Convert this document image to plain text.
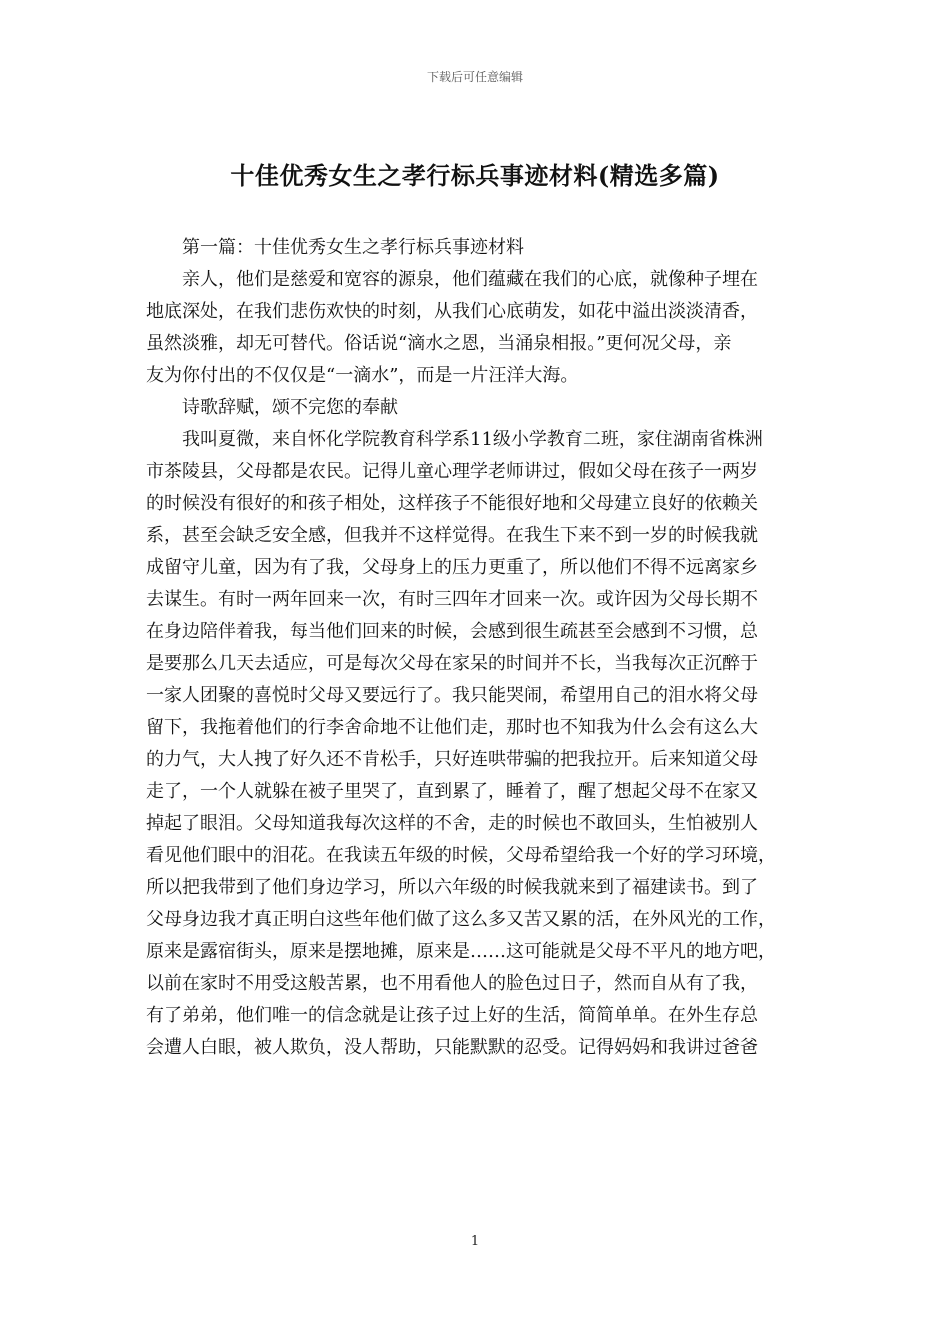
下载后可任意编辑
十佳优秀女生之孝行标兵事迹材料(精选多篇)
第一篇：十佳优秀女生之孝行标兵事迹材料
亲人，他们是慈爱和宽容的源泉，他们蕴藏在我们的心底，就像种子埋在
地底深处，在我们悲伤欢快的时刻，从我们心底萌发，如花中溢出淡淡清香，
虽然淡雅，却无可替代。俗话说“滴水之恩，当涌泉相报。”更何况父母，亲
友为你付出的不仅仅是“一滴水”，而是一片汪洋大海。
诗歌辞赋，颂不完您的奉献
我叫夏微，来自怀化学院教育科学系11级小学教育二班，家住湖南省株洲
市茶陵县，父母都是农民。记得儿童心理学老师讲过，假如父母在孩子一两岁
的时候没有很好的和孩子相处，这样孩子不能很好地和父母建立良好的依赖关
系，甚至会缺乏安全感，但我并不这样觉得。在我生下来不到一岁的时候我就
成留守儿童，因为有了我，父母身上的压力更重了，所以他们不得不远离家乡
去谋生。有时一两年回来一次，有时三四年才回来一次。或许因为父母长期不
在身边陪伴着我，每当他们回来的时候，会感到很生疏甚至会感到不习惯，总
是要那么几天去适应，可是每次父母在家呆的时间并不长，当我每次正沉醉于
一家人团聚的喜悦时父母又要远行了。我只能哭闹，希望用自己的泪水将父母
留下，我拖着他们的行李舍命地不让他们走，那时也不知我为什么会有这么大
的力气，大人拽了好久还不肯松手，只好连哄带骗的把我拉开。后来知道父母
走了，一个人就躲在被子里哭了，直到累了，睡着了，醒了想起父母不在家又
掉起了眼泪。父母知道我每次这样的不舍，走的时候也不敢回头，生怕被别人
看见他们眼中的泪花。在我读五年级的时候，父母希望给我一个好的学习环境，
所以把我带到了他们身边学习，所以六年级的时候我就来到了福建读书。到了
父母身边我才真正明白这些年他们做了这么多又苦又累的活，在外风光的工作，
原来是露宿街头，原来是摆地摊，原来是……这可能就是父母不平凡的地方吧，
以前在家时不用受这般苦累，也不用看他人的脸色过日子，然而自从有了我，
有了弟弟，他们唯一的信念就是让孩子过上好的生活，简简单单。在外生存总
会遭人白眼，被人欺负，没人帮助，只能默默的忍受。记得妈妈和我讲过爸爸
1
